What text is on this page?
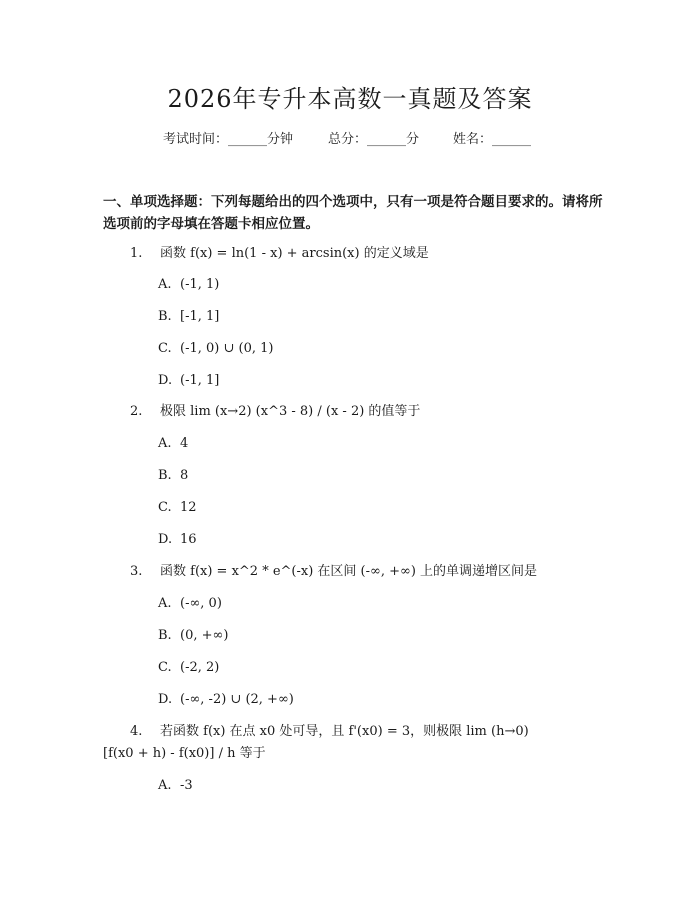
2026年专升本高数一真题及答案
考试时间：______分钟	总分：______分	姓名：______
一、单项选择题：下列每题给出的四个选项中，只有一项是符合题目要求的。请将所选项前的字母填在答题卡相应位置。
1. 函数 f(x) = ln(1 - x) + arcsin(x) 的定义域是
A. (-1, 1)
B. [-1, 1]
C. (-1, 0) ∪ (0, 1)
D. (-1, 1]
2. 极限 lim (x→2) (x^3 - 8) / (x - 2) 的值等于
A. 4
B. 8
C. 12
D. 16
3. 函数 f(x) = x^2 * e^(-x) 在区间 (-∞, +∞) 上的单调递增区间是
A. (-∞, 0)
B. (0, +∞)
C. (-2, 2)
D. (-∞, -2) ∪ (2, +∞)
4. 若函数 f(x) 在点 x0 处可导，且 f'(x0) = 3，则极限 lim (h→0)
[f(x0 + h) - f(x0)] / h 等于
A. -3
